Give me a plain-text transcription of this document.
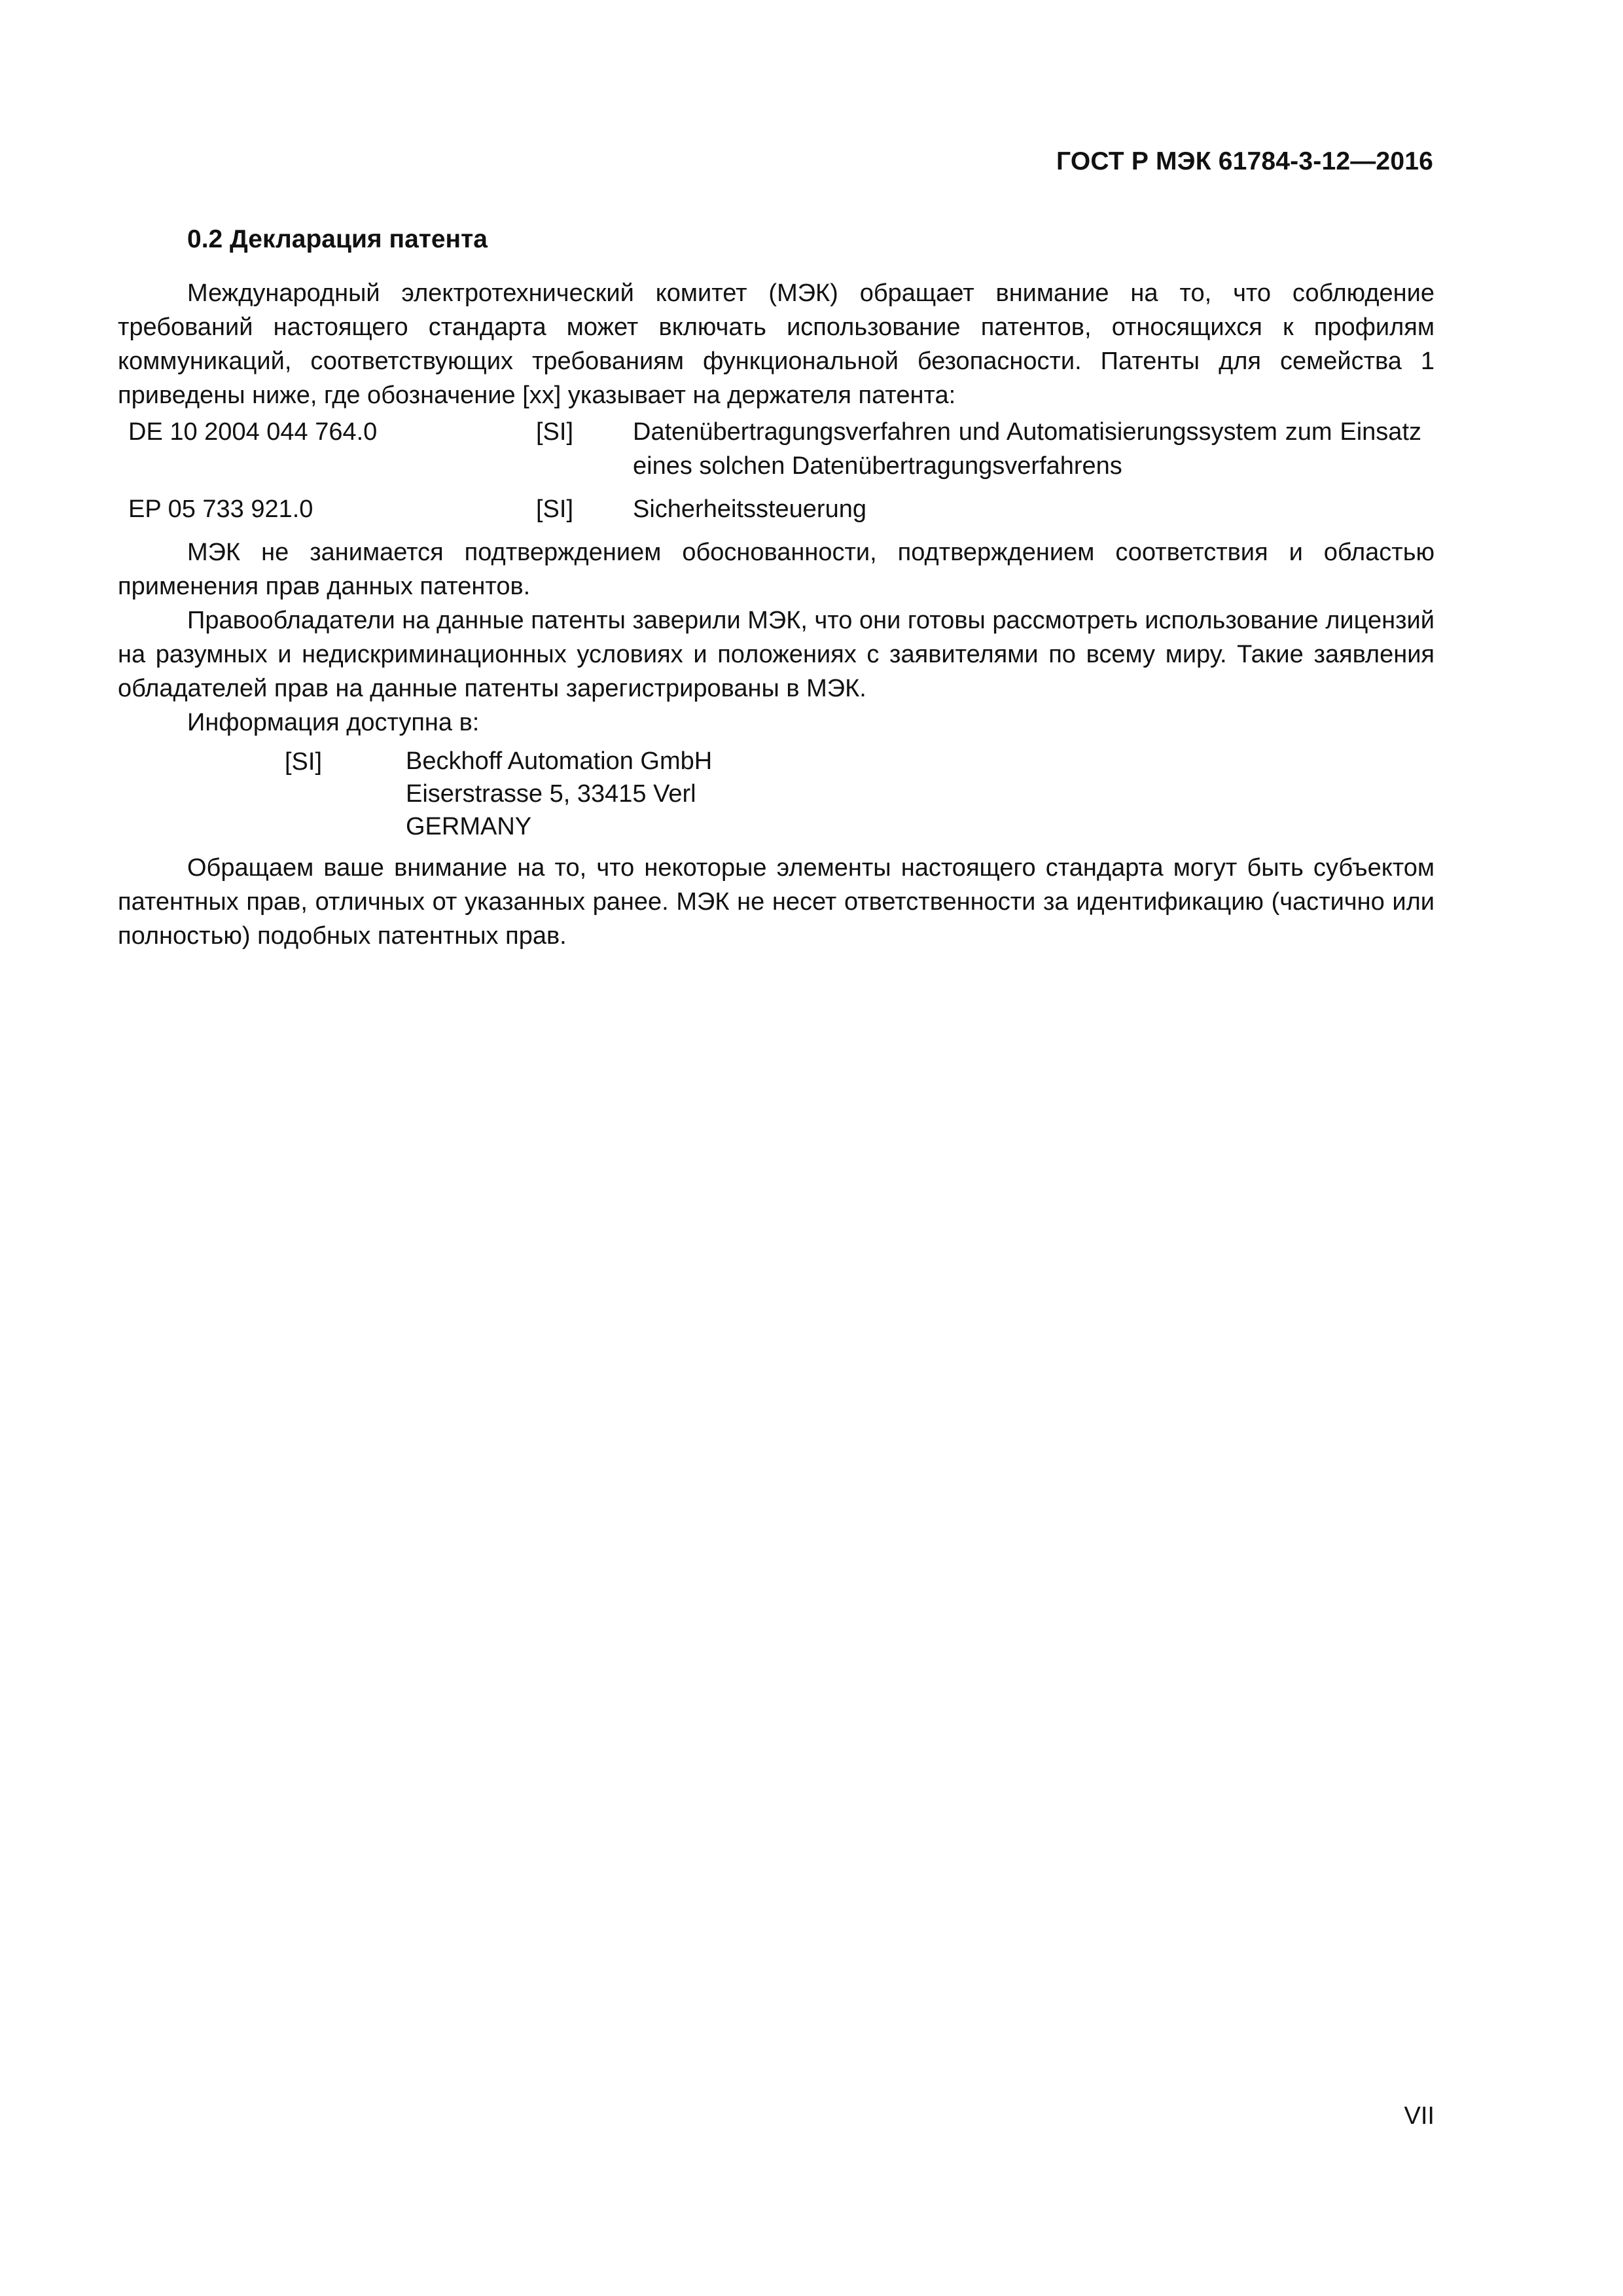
ГОСТ Р МЭК 61784-3-12—2016
0.2 Декларация патента

Международный электротехнический комитет (МЭК) обращает внимание на то, что соблюдение требований настоящего стандарта может включать использование патентов, относящихся к профилям коммуникаций, соответствующих требованиям функциональной безопасности. Патенты для семейства 1 приведены ниже, где обозначение [xx] указывает на держателя патента:

DE 10 2004 044 764.0	[SI]	Datenübertragungsverfahren und Automatisierungssystem zum Einsatz eines solchen Datenübertragungsverfahrens
EP 05 733 921.0	[SI]	Sicherheitssteuerung

МЭК не занимается подтверждением обоснованности, подтверждением соответствия и областью применения прав данных патентов.

Правообладатели на данные патенты заверили МЭК, что они готовы рассмотреть использование лицензий на разумных и недискриминационных условиях и положениях с заявителями по всему миру. Такие заявления обладателей прав на данные патенты зарегистрированы в МЭК.

Информация доступна в:

[SI]	Beckhoff Automation GmbH
Eiserstrasse 5, 33415 Verl
GERMANY

Обращаем ваше внимание на то, что некоторые элементы настоящего стандарта могут быть субъектом патентных прав, отличных от указанных ранее. МЭК не несет ответственности за идентификацию (частично или полностью) подобных патентных прав.

VII
